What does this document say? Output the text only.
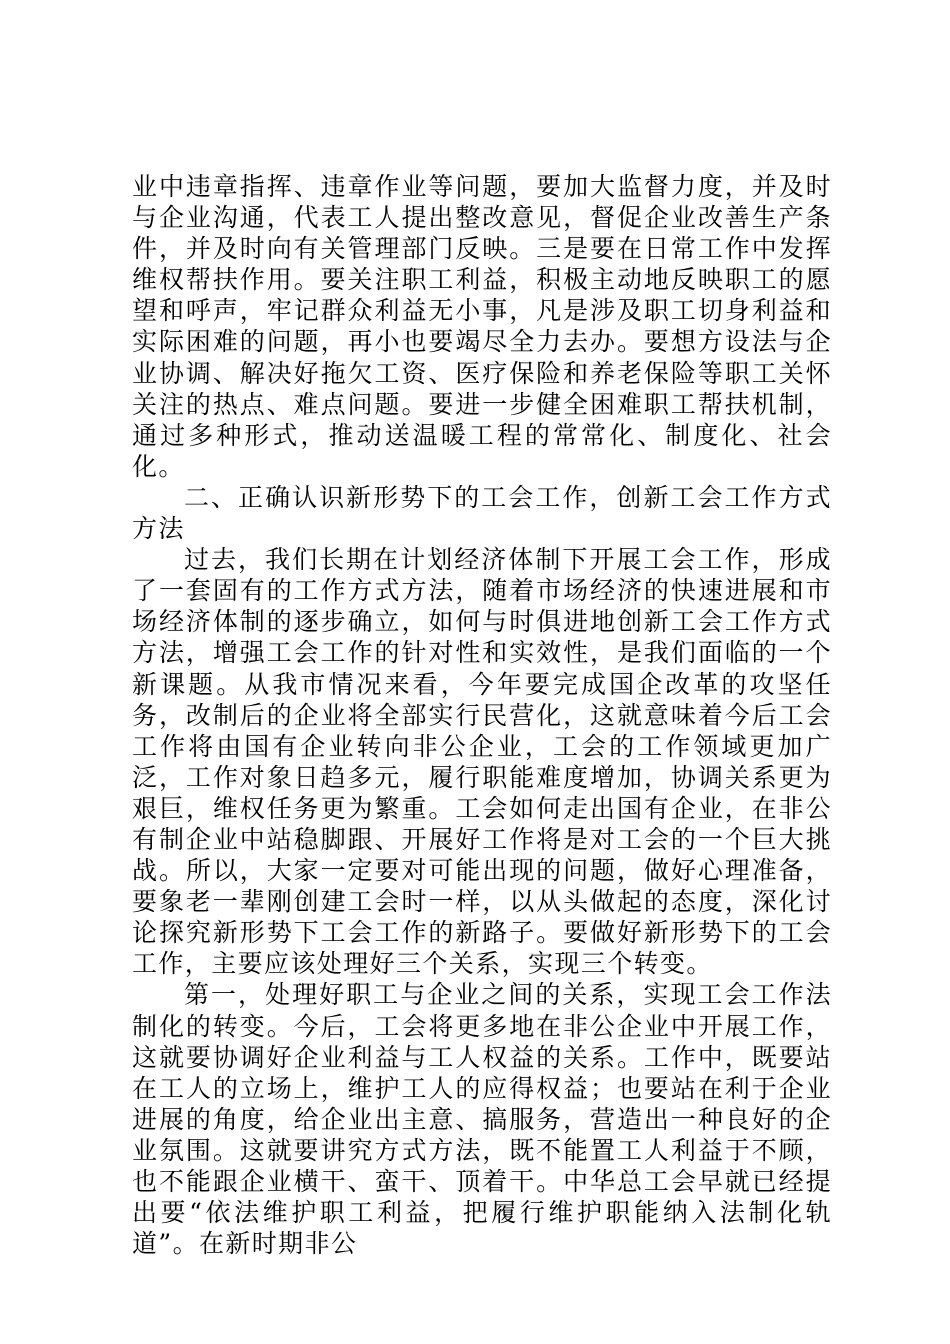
业中违章指挥、违章作业等问题，要加大监督力度，并及时与企业沟通，代表工人提出整改意见，督促企业改善生产条件，并及时向有关管理部门反映。三是要在日常工作中发挥维权帮扶作用。要关注职工利益，积极主动地反映职工的愿望和呼声，牢记群众利益无小事，凡是涉及职工切身利益和实际困难的问题，再小也要竭尽全力去办。要想方设法与企业协调、解决好拖欠工资、医疗保险和养老保险等职工关怀关注的热点、难点问题。要进一步健全困难职工帮扶机制，通过多种形式，推动送温暖工程的常常化、制度化、社会化。

二、正确认识新形势下的工会工作，创新工会工作方式方法

过去，我们长期在计划经济体制下开展工会工作，形成了一套固有的工作方式方法，随着市场经济的快速进展和市场经济体制的逐步确立，如何与时俱进地创新工会工作方式方法，增强工会工作的针对性和实效性，是我们面临的一个新课题。从我市情况来看，今年要完成国企改革的攻坚任务，改制后的企业将全部实行民营化，这就意味着今后工会工作将由国有企业转向非公企业，工会的工作领域更加广泛，工作对象日趋多元，履行职能难度增加，协调关系更为艰巨，维权任务更为繁重。工会如何走出国有企业，在非公有制企业中站稳脚跟、开展好工作将是对工会的一个巨大挑战。所以，大家一定要对可能出现的问题，做好心理准备，要象老一辈刚创建工会时一样，以从头做起的态度，深化讨论探究新形势下工会工作的新路子。要做好新形势下的工会工作，主要应该处理好三个关系，实现三个转变。

第一，处理好职工与企业之间的关系，实现工会工作法制化的转变。今后，工会将更多地在非公企业中开展工作，这就要协调好企业利益与工人权益的关系。工作中，既要站在工人的立场上，维护工人的应得权益；也要站在利于企业进展的角度，给企业出主意、搞服务，营造出一种良好的企业氛围。这就要讲究方式方法，既不能置工人利益于不顾，也不能跟企业横干、蛮干、顶着干。中华总工会早就已经提出要“依法维护职工利益，把履行维护职能纳入法制化轨道”。在新时期非公
